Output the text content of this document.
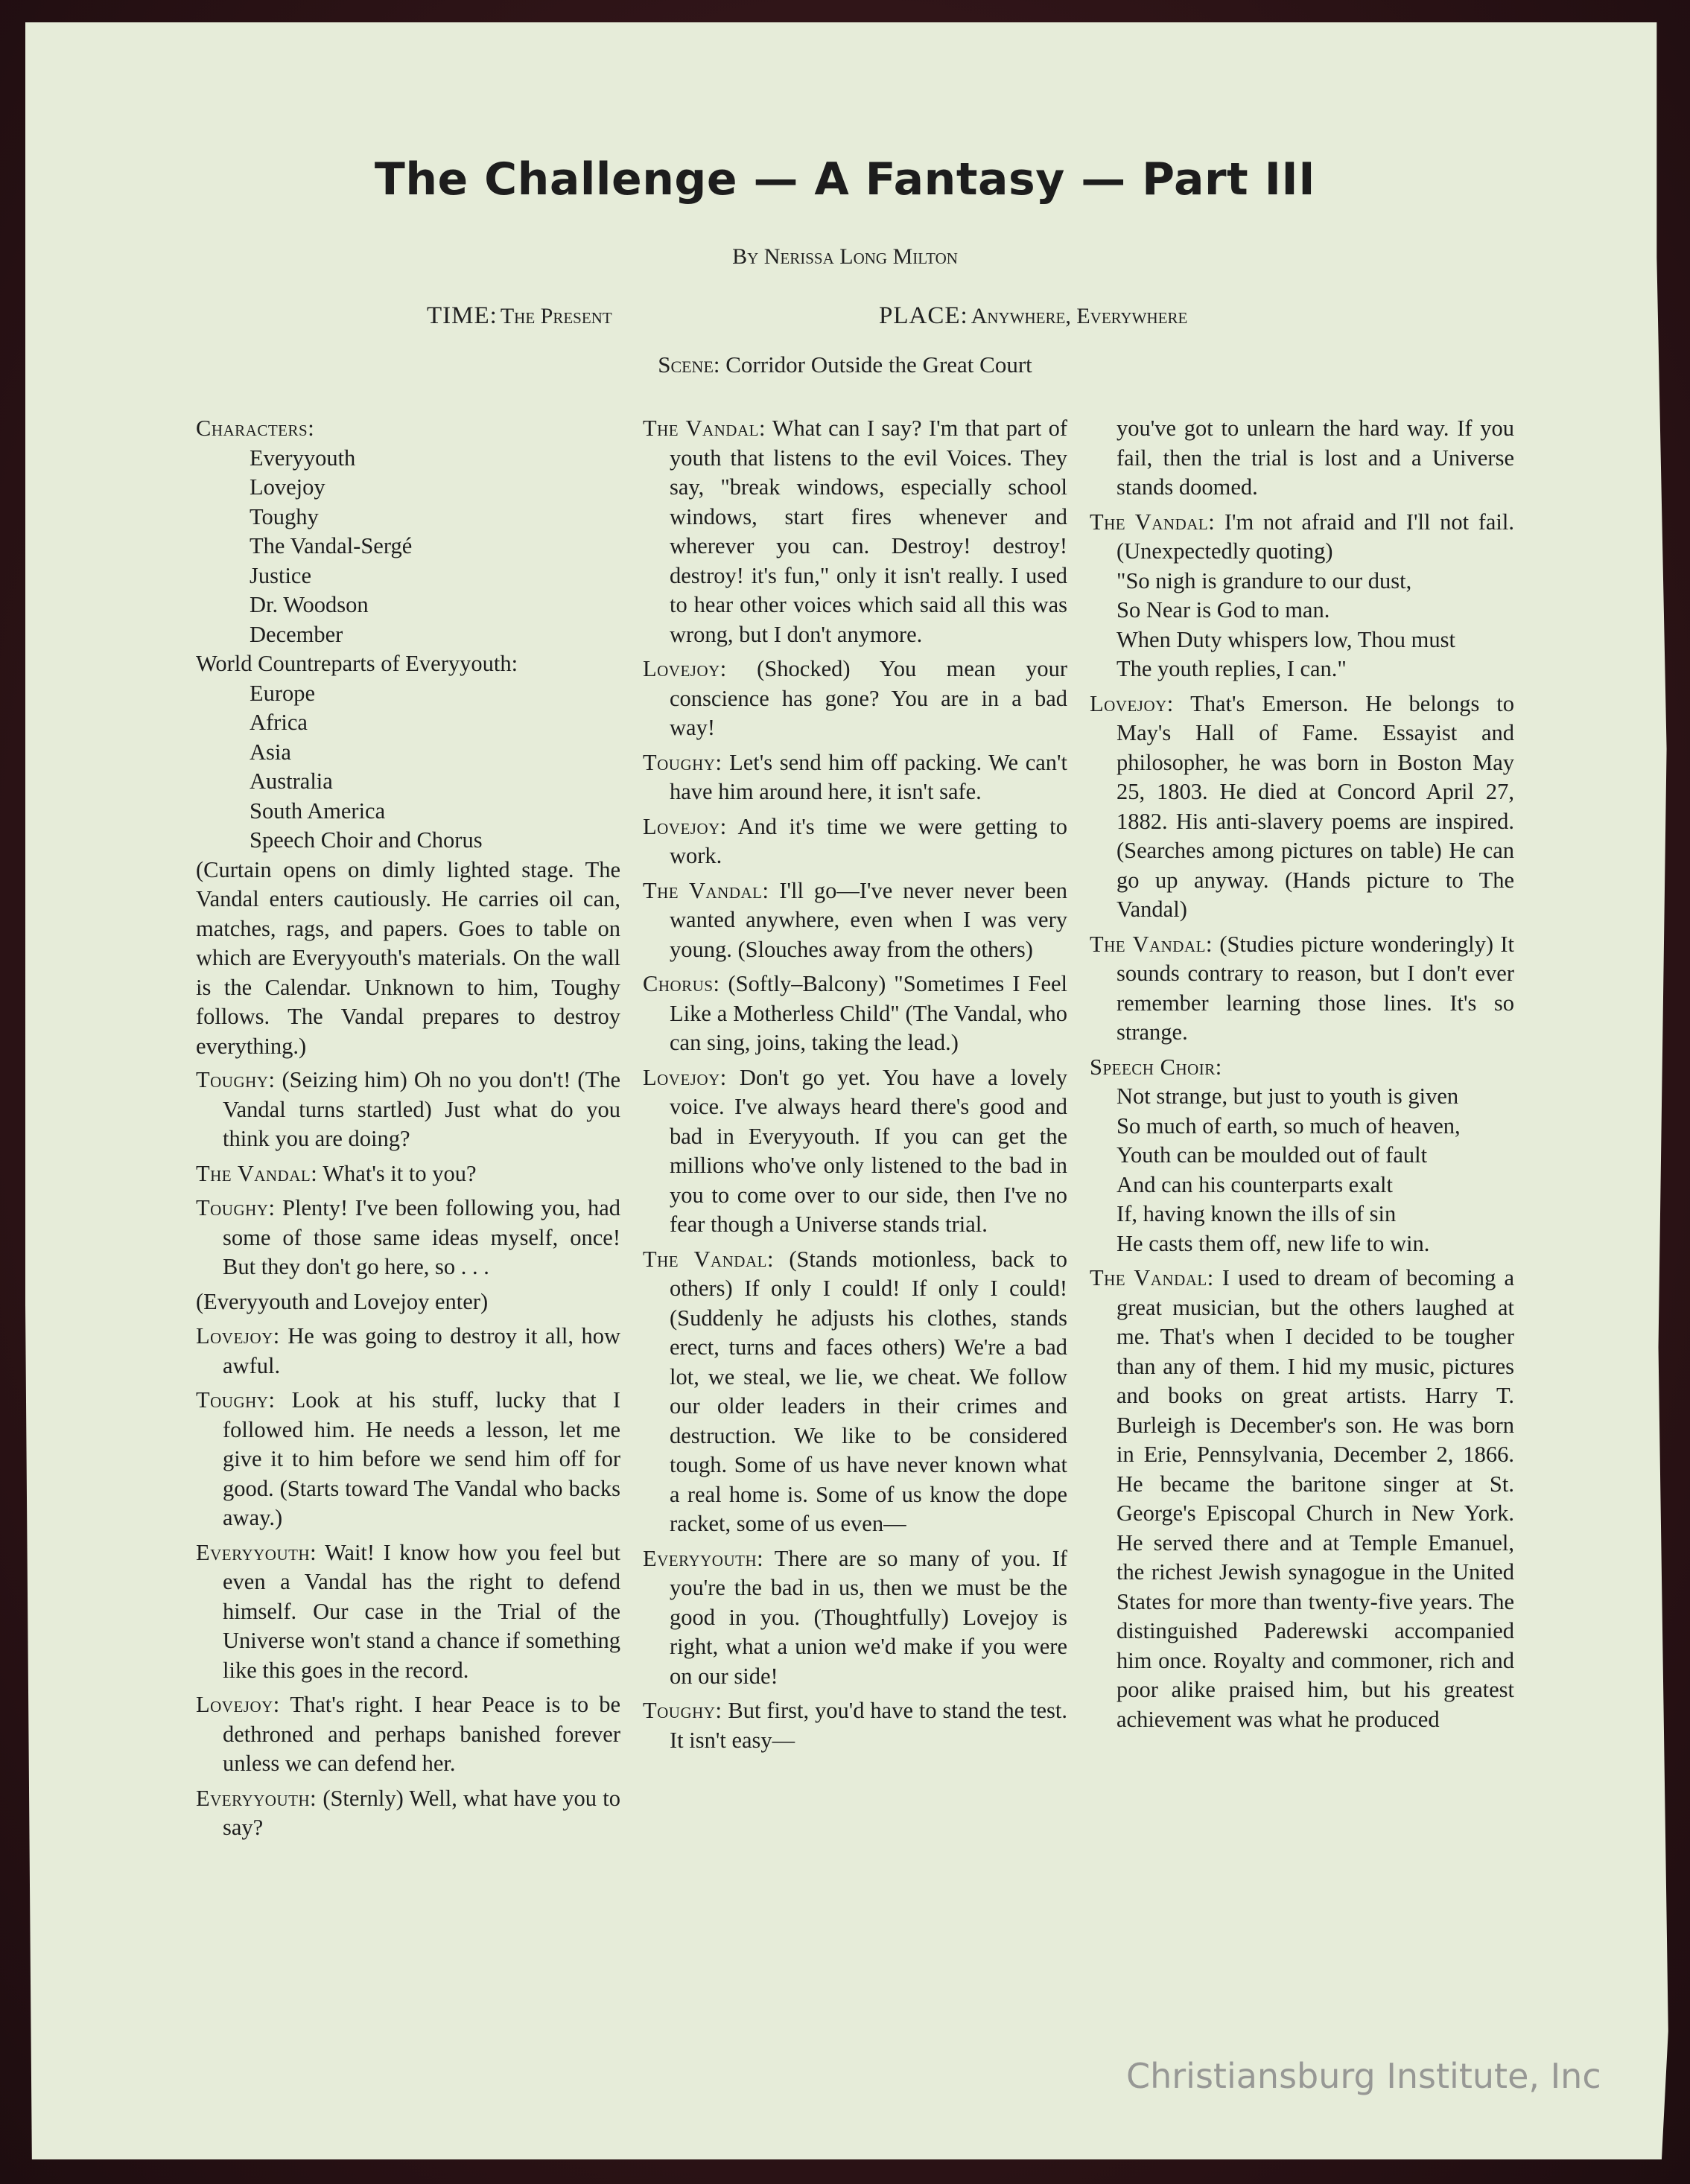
The Challenge — A Fantasy — Part III
By Nerissa Long Milton
TIME: The Present	PLACE: Anywhere, Everywhere
Scene: Corridor Outside the Great Court
Characters:
Everyyouth
Lovejoy
Toughy
The Vandal-Sergé
Justice
Dr. Woodson
December
World Countreparts of Everyyouth:
Europe
Africa
Asia
Australia
South America
Speech Choir and Chorus
(Curtain opens on dimly lighted stage. The Vandal enters cautiously. He carries oil can, matches, rags, and papers. Goes to table on which are Everyyouth's materials. On the wall is the Calendar. Unknown to him, Toughy follows. The Vandal prepares to destroy everything.)
Toughy: (Seizing him) Oh no you don't! (The Vandal turns startled) Just what do you think you are doing?
The Vandal: What's it to you?
Toughy: Plenty! I've been following you, had some of those same ideas myself, once! But they don't go here, so . . .
(Everyyouth and Lovejoy enter)
Lovejoy: He was going to destroy it all, how awful.
Toughy: Look at his stuff, lucky that I followed him. He needs a lesson, let me give it to him before we send him off for good. (Starts toward The Vandal who backs away.)
Everyyouth: Wait! I know how you feel but even a Vandal has the right to defend himself. Our case in the Trial of the Universe won't stand a chance if something like this goes in the record.
Lovejoy: That's right. I hear Peace is to be dethroned and perhaps banished forever unless we can defend her.
Everyyouth: (Sternly) Well, what have you to say?
The Vandal: What can I say? I'm that part of youth that listens to the evil Voices. They say, "break windows, especially school windows, start fires whenever and wherever you can. Destroy! destroy! destroy! it's fun," only it isn't really. I used to hear other voices which said all this was wrong, but I don't anymore.
Lovejoy: (Shocked) You mean your conscience has gone? You are in a bad way!
Toughy: Let's send him off packing. We can't have him around here, it isn't safe.
Lovejoy: And it's time we were getting to work.
The Vandal: I'll go—I've never never been wanted anywhere, even when I was very young. (Slouches away from the others)
Chorus: (Softly–Balcony) "Sometimes I Feel Like a Motherless Child" (The Vandal, who can sing, joins, taking the lead.)
Lovejoy: Don't go yet. You have a lovely voice. I've always heard there's good and bad in Everyyouth. If you can get the millions who've only listened to the bad in you to come over to our side, then I've no fear though a Universe stands trial.
The Vandal: (Stands motionless, back to others) If only I could! If only I could! (Suddenly he adjusts his clothes, stands erect, turns and faces others) We're a bad lot, we steal, we lie, we cheat. We follow our older leaders in their crimes and destruction. We like to be considered tough. Some of us have never known what a real home is. Some of us know the dope racket, some of us even—
Everyyouth: There are so many of you. If you're the bad in us, then we must be the good in you. (Thoughtfully) Lovejoy is right, what a union we'd make if you were on our side!
Toughy: But first, you'd have to stand the test. It isn't easy—
you've got to unlearn the hard way. If you fail, then the trial is lost and a Universe stands doomed.
The Vandal: I'm not afraid and I'll not fail. (Unexpectedly quoting)
"So nigh is grandure to our dust,
So Near is God to man.
When Duty whispers low, Thou must
The youth replies, I can."
Lovejoy: That's Emerson. He belongs to May's Hall of Fame. Essayist and philosopher, he was born in Boston May 25, 1803. He died at Concord April 27, 1882. His anti-slavery poems are inspired. (Searches among pictures on table) He can go up anyway. (Hands picture to The Vandal)
The Vandal: (Studies picture wonderingly) It sounds contrary to reason, but I don't ever remember learning those lines. It's so strange.
Speech Choir:
Not strange, but just to youth is given
So much of earth, so much of heaven,
Youth can be moulded out of fault
And can his counterparts exalt
If, having known the ills of sin
He casts them off, new life to win.
The Vandal: I used to dream of becoming a great musician, but the others laughed at me. That's when I decided to be tougher than any of them. I hid my music, pictures and books on great artists. Harry T. Burleigh is December's son. He was born in Erie, Pennsylvania, December 2, 1866. He became the baritone singer at St. George's Episcopal Church in New York. He served there and at Temple Emanuel, the richest Jewish synagogue in the United States for more than twenty-five years. The distinguished Paderewski accompanied him once. Royalty and commoner, rich and poor alike praised him, but his greatest achievement was what he produced
Christiansburg Institute, Inc
